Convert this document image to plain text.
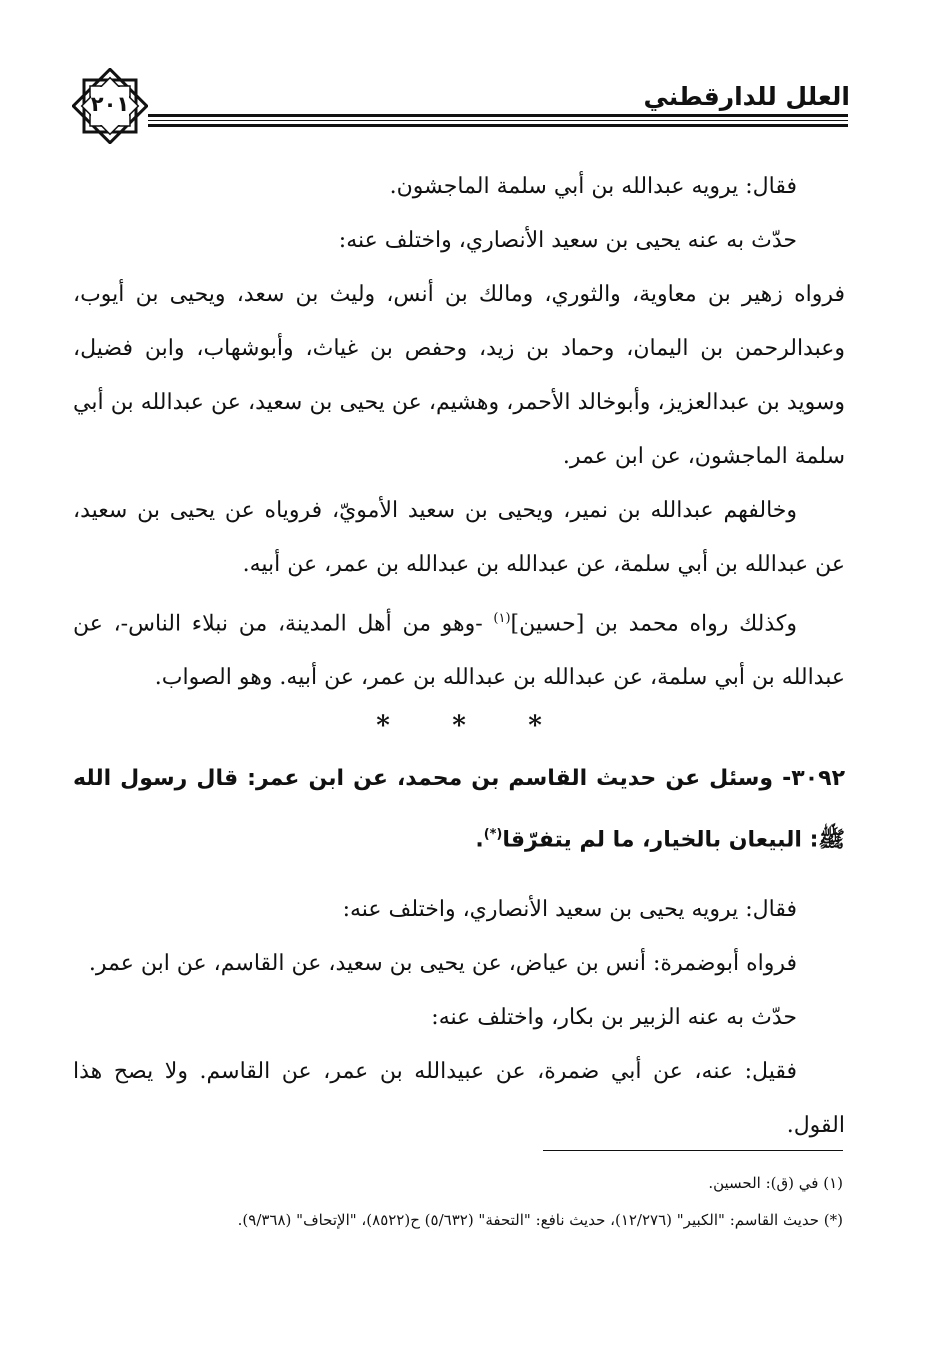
٢٠١	العلل للدارقطني

فقال: يرويه عبدالله بن أبي سلمة الماجشون.

حدّث به عنه يحيى بن سعيد الأنصاري، واختلف عنه:

فرواه زهير بن معاوية، والثوري، ومالك بن أنس، وليث بن سعد، ويحيى بن أيوب، وعبدالرحمن بن اليمان، وحماد بن زيد، وحفص بن غياث، وأبوشهاب، وابن فضيل، وسويد بن عبدالعزيز، وأبوخالد الأحمر، وهشيم، عن يحيى بن سعيد، عن عبدالله بن أبي سلمة الماجشون، عن ابن عمر.

وخالفهم عبدالله بن نمير، ويحيى بن سعيد الأمويّ، فروياه عن يحيى بن سعيد، عن عبدالله بن أبي سلمة، عن عبدالله بن عبدالله بن عمر، عن أبيه.

وكذلك رواه محمد بن [حسين]$^{(١)}$ -وهو من أهل المدينة، من نبلاء الناس-، عن عبدالله بن أبي سلمة، عن عبدالله بن عبدالله بن عمر، عن أبيه. وهو الصواب.

* * *

٣٠٩٢- وسئل عن حديث القاسم بن محمد، عن ابن عمر: قال رسول الله ﷺ: البيعان بالخيار، ما لم يتفرّقا(*).

فقال: يرويه يحيى بن سعيد الأنصاري، واختلف عنه:

فرواه أبوضمرة: أنس بن عياض، عن يحيى بن سعيد، عن القاسم، عن ابن عمر.

حدّث به عنه الزبير بن بكار، واختلف عنه:

فقيل: عنه، عن أبي ضمرة، عن عبيدالله بن عمر، عن القاسم. ولا يصح هذا القول.

(١) في (ق): الحسين.

(*) حديث القاسم: "الكبير" (١٢/٢٧٦)، حديث نافع: "التحفة" (٥/٦٣٢) ح(٨٥٢٢)، "الإتحاف" (٩/٣٦٨).
